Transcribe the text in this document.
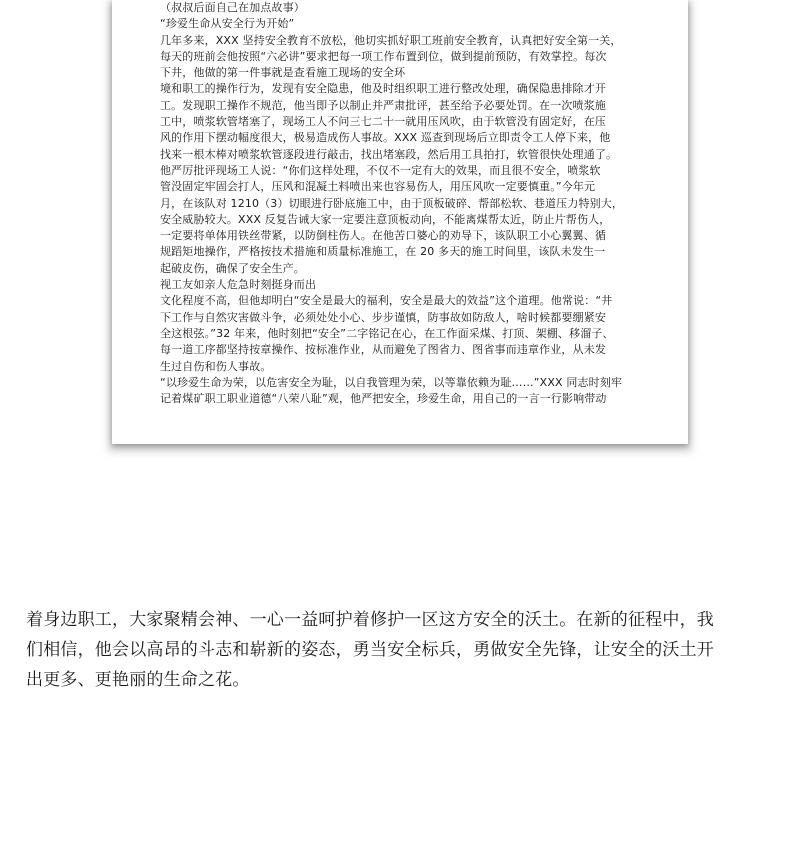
（叔叔后面自己在加点故事）
“珍爱生命从安全行为开始”
几年多来，XXX 坚持安全教育不放松，他切实抓好职工班前安全教育，认真把好安全第一关，
每天的班前会他按照“六必讲”要求把每一项工作布置到位，做到提前预防，有效掌控。每次
下井，他做的第一件事就是查看施工现场的安全环
境和职工的操作行为，发现有安全隐患，他及时组织职工进行整改处理，确保隐患排除才开
工。发现职工操作不规范，他当即予以制止并严肃批评，甚至给予必要处罚。在一次喷浆施
工中，喷浆软管堵塞了，现场工人不问三七二十一就用压风吹，由于软管没有固定好，在压
风的作用下摆动幅度很大，极易造成伤人事故。XXX 巡查到现场后立即责令工人停下来，他
找来一根木棒对喷浆软管逐段进行敲击，找出堵塞段，然后用工具拍打，软管很快处理通了。
他严厉批评现场工人说：“你们这样处理，不仅不一定有大的效果，而且很不安全，喷浆软
管没固定牢固会打人，压风和混凝土料喷出来也容易伤人，用压风吹一定要慎重。”今年元
月，在该队对 1210（3）切眼进行卧底施工中，由于顶板破碎、帮部松软、巷道压力特别大，
安全威胁较大。XXX 反复告诫大家一定要注意顶板动向，不能离煤帮太近，防止片帮伤人，
一定要将单体用铁丝带紧，以防倒柱伤人。在他苦口婆心的劝导下，该队职工小心翼翼、循
规蹈矩地操作，严格按技术措施和质量标准施工，在 20 多天的施工时间里，该队未发生一
起破皮伤，确保了安全生产。
视工友如亲人危急时刻挺身而出
文化程度不高，但他却明白“安全是最大的福利，安全是最大的效益”这个道理。他常说：“井
下工作与自然灾害做斗争，必须处处小心、步步谨慎，防事故如防敌人，啥时候都要绷紧安
全这根弦。”32 年来，他时刻把“安全”二字铭记在心，在工作面采煤、打顶、架棚、移溜子、
每一道工序都坚持按章操作、按标准作业，从而避免了图省力、图省事而违章作业，从未发
生过自伤和伤人事故。
“以珍爱生命为荣，以危害安全为耻，以自我管理为荣，以等靠依赖为耻……”XXX 同志时刻牢
记着煤矿职工职业道德“八荣八耻”观，他严把安全，珍爱生命，用自己的一言一行影响带动
着身边职工，大家聚精会神、一心一益呵护着修护一区这方安全的沃土。在新的征程中，我
们相信，他会以高昂的斗志和崭新的姿态，勇当安全标兵，勇做安全先锋，让安全的沃土开
出更多、更艳丽的生命之花。
